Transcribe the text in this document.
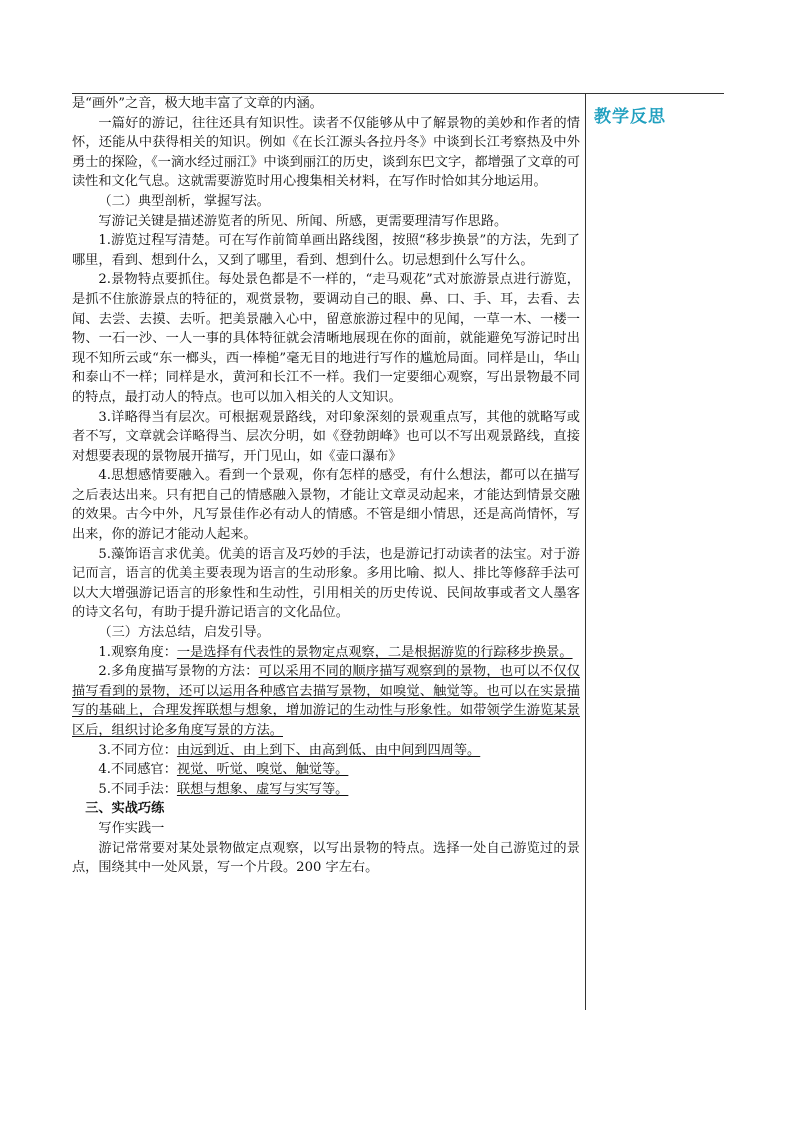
教学反思

是“画外”之音，极大地丰富了文章的内涵。

一篇好的游记，往往还具有知识性。读者不仅能够从中了解景物的美妙和作者的情怀，还能从中获得相关的知识。例如《在长江源头各拉丹冬》中谈到长江考察热及中外勇士的探险，《一滴水经过丽江》中谈到丽江的历史，谈到东巴文字，都增强了文章的可读性和文化气息。这就需要游览时用心搜集相关材料，在写作时恰如其分地运用。

（二）典型剖析，掌握写法。

写游记关键是描述游览者的所见、所闻、所感，更需要理清写作思路。

1.游览过程写清楚。可在写作前简单画出路线图，按照“移步换景”的方法，先到了哪里，看到、想到什么，又到了哪里，看到、想到什么。切忌想到什么写什么。

2.景物特点要抓住。每处景色都是不一样的，“走马观花”式对旅游景点进行游览，是抓不住旅游景点的特征的，观赏景物，要调动自己的眼、鼻、口、手、耳，去看、去闻、去尝、去摸、去听。把美景融入心中，留意旅游过程中的见闻，一草一木、一楼一物、一石一沙、一人一事的具体特征就会清晰地展现在你的面前，就能避免写游记时出现不知所云或“东一榔头，西一棒槌”毫无目的地进行写作的尴尬局面。同样是山，华山和泰山不一样；同样是水，黄河和长江不一样。我们一定要细心观察，写出景物最不同的特点，最打动人的特点。也可以加入相关的人文知识。

3.详略得当有层次。可根据观景路线，对印象深刻的景观重点写，其他的就略写或者不写，文章就会详略得当、层次分明，如《登勃朗峰》也可以不写出观景路线，直接对想要表现的景物展开描写，开门见山，如《壶口瀑布》

4.思想感情要融入。看到一个景观，你有怎样的感受，有什么想法，都可以在描写之后表达出来。只有把自己的情感融入景物，才能让文章灵动起来，才能达到情景交融的效果。古今中外，凡写景佳作必有动人的情感。不管是细小情思，还是高尚情怀，写出来，你的游记才能动人起来。

5.藻饰语言求优美。优美的语言及巧妙的手法，也是游记打动读者的法宝。对于游记而言，语言的优美主要表现为语言的生动形象。多用比喻、拟人、排比等修辞手法可以大大增强游记语言的形象性和生动性，引用相关的历史传说、民间故事或者文人墨客的诗文名句，有助于提升游记语言的文化品位。

（三）方法总结，启发引导。

1.观察角度：一是选择有代表性的景物定点观察，二是根据游览的行踪移步换景。

2.多角度描写景物的方法：可以采用不同的顺序描写观察到的景物，也可以不仅仅描写看到的景物，还可以运用各种感官去描写景物，如嗅觉、触觉等。也可以在实景描写的基础上，合理发挥联想与想象，增加游记的生动性与形象性。如带领学生游览某景区后，组织讨论多角度写景的方法。

3.不同方位：由远到近、由上到下、由高到低、由中间到四周等。

4.不同感官：视觉、听觉、嗅觉、触觉等。

5.不同手法：联想与想象、虚写与实写等。

三、实战巧练

写作实践一

游记常常要对某处景物做定点观察，以写出景物的特点。选择一处自己游览过的景点，围绕其中一处风景，写一个片段。200 字左右。
